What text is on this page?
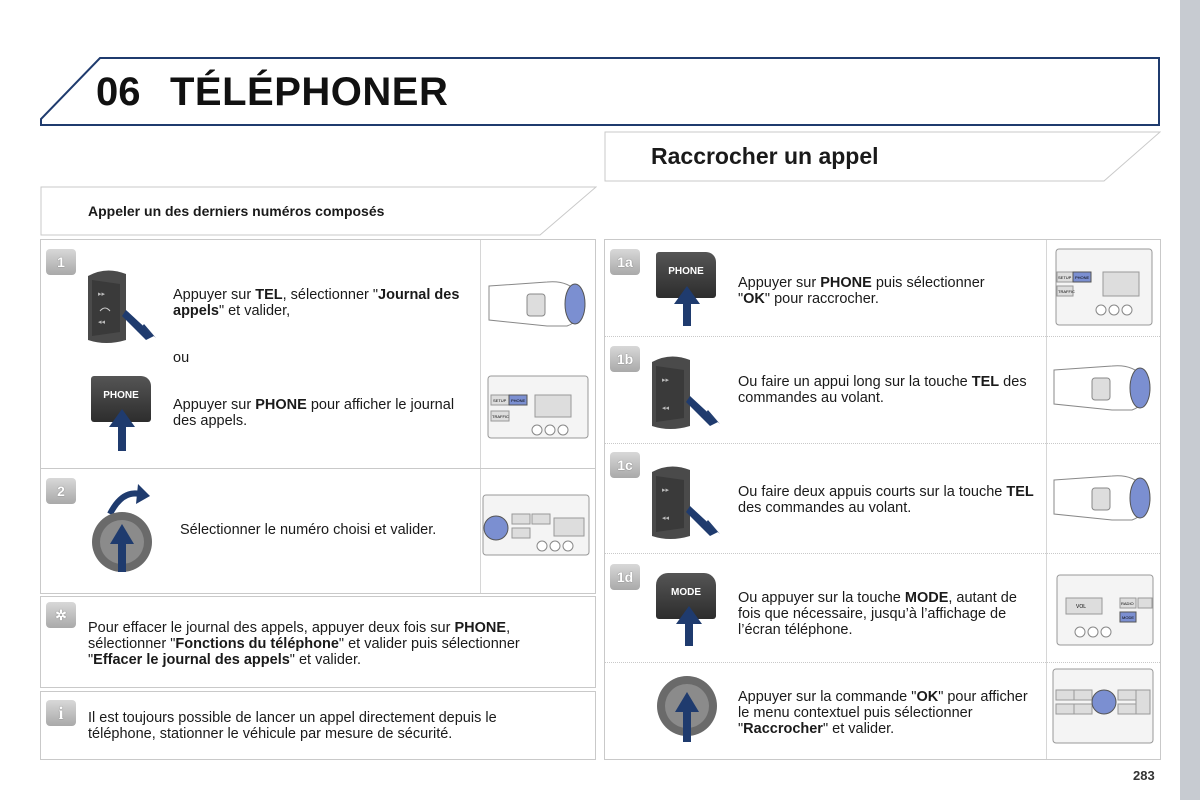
06 TÉLÉPHONER
Raccrocher un appel
Appeler un des derniers numéros composés
1
▸▸
◂◂
Appuyer sur TEL, sélectionner "Journal des appels" et valider,
ou
PHONE
Appuyer sur PHONE pour afficher le journal des appels.
SETUP PHONE
TRAFFIC
2
Sélectionner le numéro choisi et valider.
✲
Pour effacer le journal des appels, appuyer deux fois sur PHONE, sélectionner "Fonctions du téléphone" et valider puis sélectionner "Effacer le journal des appels" et valider.
i	Il est toujours possible de lancer un appel directement depuis le téléphone, stationner le véhicule par mesure de sécurité.
1a
PHONE
Appuyer sur PHONE puis sélectionner "OK" pour raccrocher.
SETUP PHONE
TRAFFIC
1b
▸▸
◂◂
Ou faire un appui long sur la touche TEL des commandes au volant.
1c
▸▸
◂◂
Ou faire deux appuis courts sur la touche TEL des commandes au volant.
1d
MODE	Ou appuyer sur la touche MODE, autant de fois que nécessaire, jusqu’à l’affichage de l’écran téléphone.
VOL
RADIO
MODE
Appuyer sur la commande "OK" pour afficher le menu contextuel puis sélectionner "Raccrocher" et valider.
283
